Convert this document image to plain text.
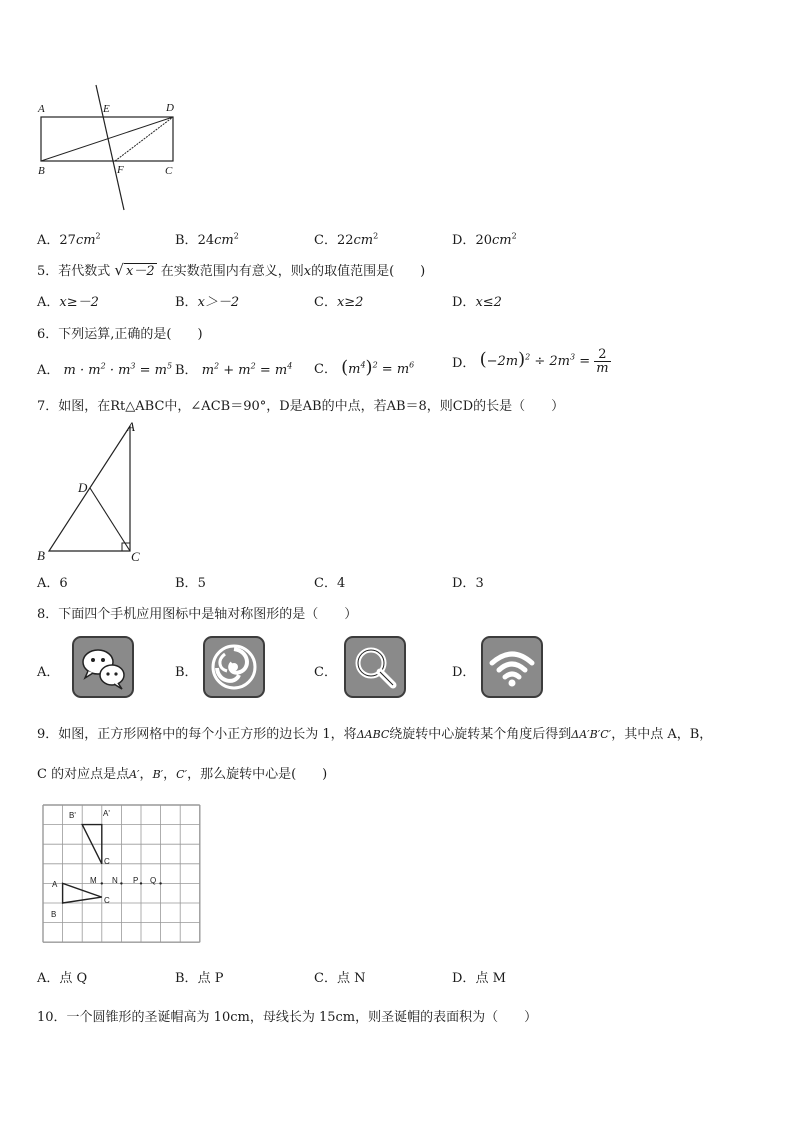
A	E	D
B	F	C
A．$27cm^2$	B．$24cm^2$	C．$22cm^2$	D．$20cm^2$
5．若代数式 √ x－2 在实数范围内有意义，则x的取值范围是(　　)
A．x≥－2	B．x＞－2	C．x≥2	D．x≤2
6．下列运算,正确的是(　　)
A． $m \cdot m^2 \cdot m^3 = m^5$ B． $m^2 + m^2 = m^4$ C． $(m^4)^2 = m^6$	D． $(-2m)^2 \div 2m^3 = \frac{2}{m}$
7．如图，在Rt△ABC中，∠ACB＝90°，D是AB的中点，若AB＝8，则CD的长是（　　）
A
D
B	C
A．6	B．5	C．4	D．3
8．下面四个手机应用图标中是轴对称图形的是（　　）
A．	B．	C．	D．
9．如图，正方形网格中的每个小正方形的边长为 1，将ΔABC绕旋转中心旋转某个角度后得到ΔA′B′C′，其中点 A，B，
C 的对应点是点A′，B′，C′，那么旋转中心是(　　)
B'	A'
C
A	M N P Q
C
B
A．点 Q	B．点 P	C．点 N	D．点 M
10．一个圆锥形的圣诞帽高为 10cm，母线长为 15cm，则圣诞帽的表面积为（　　）
